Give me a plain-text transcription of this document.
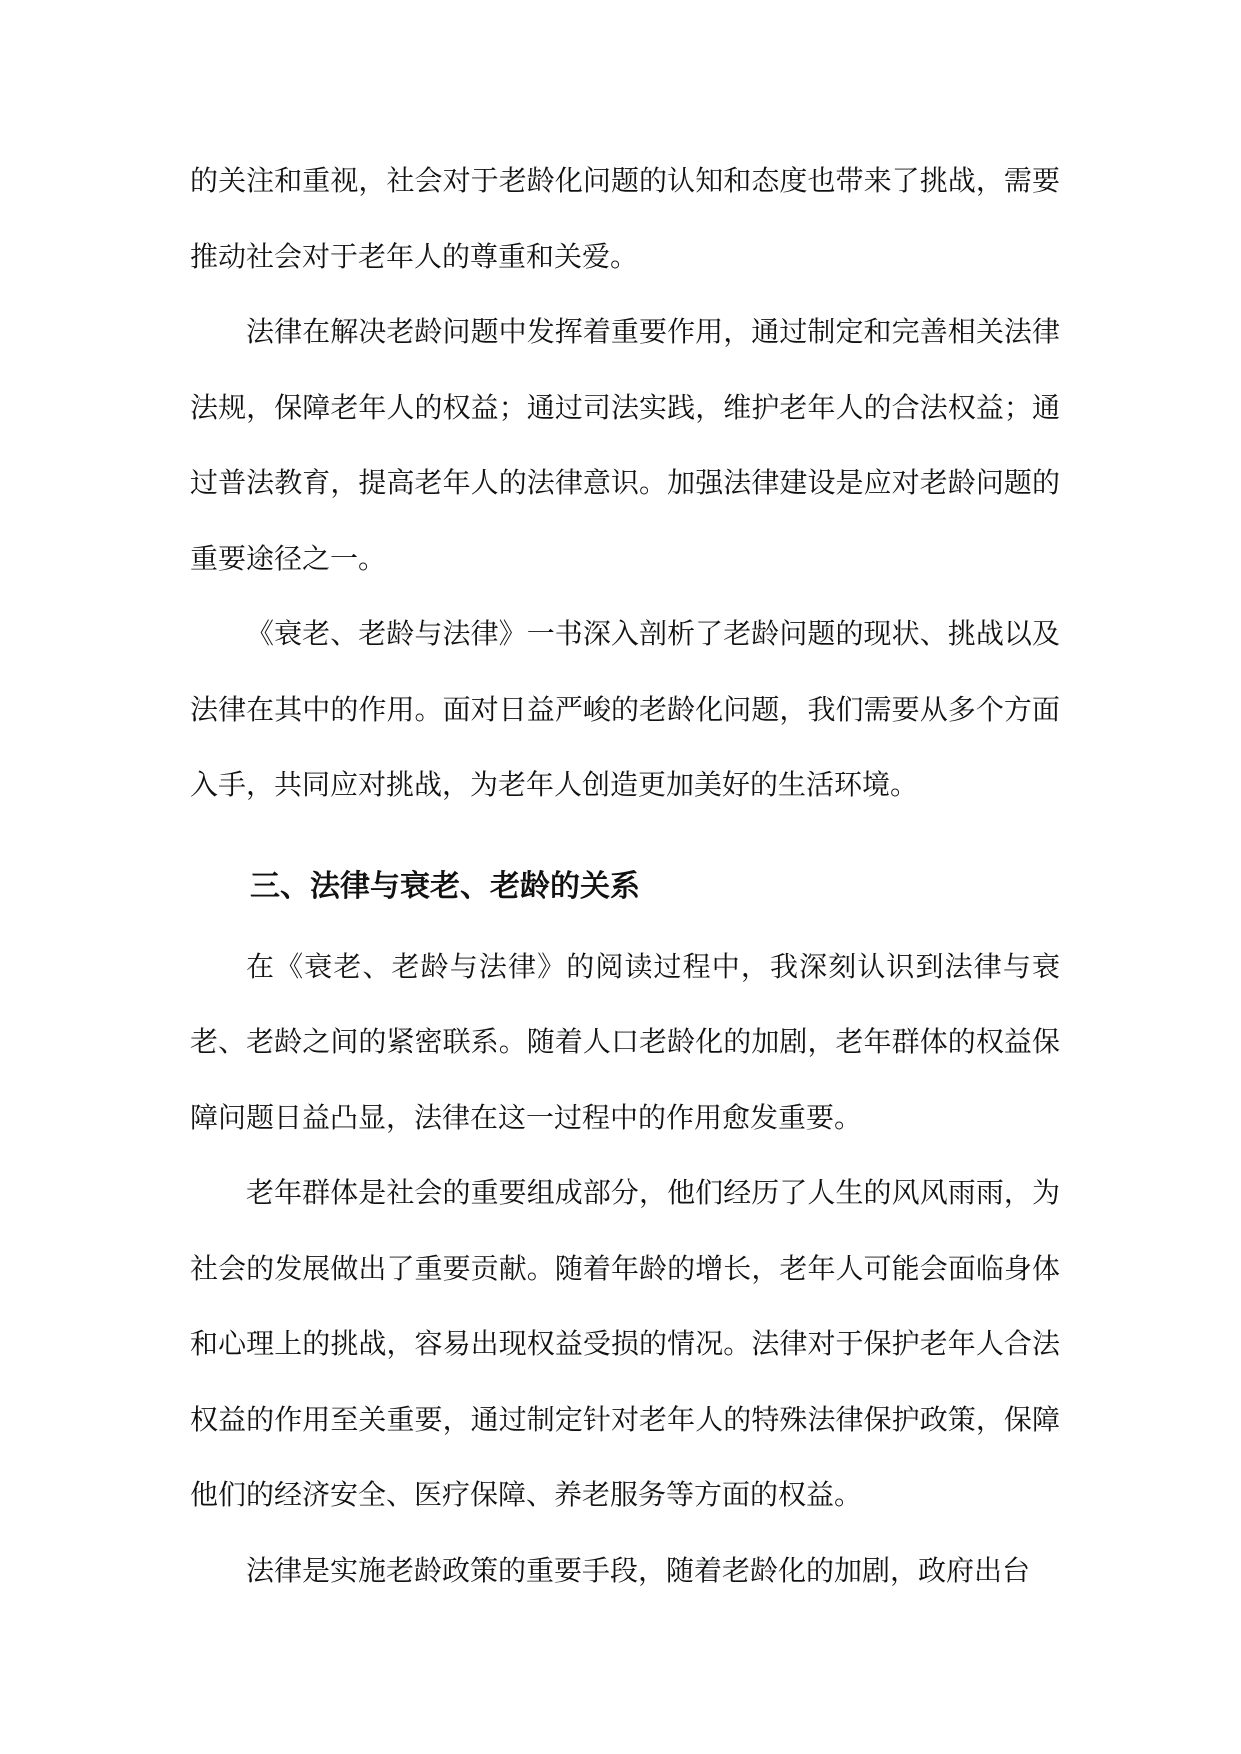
的关注和重视，社会对于老龄化问题的认知和态度也带来了挑战，需要推动社会对于老年人的尊重和关爱。

法律在解决老龄问题中发挥着重要作用，通过制定和完善相关法律法规，保障老年人的权益；通过司法实践，维护老年人的合法权益；通过普法教育，提高老年人的法律意识。加强法律建设是应对老龄问题的重要途径之一。

《衰老、老龄与法律》一书深入剖析了老龄问题的现状、挑战以及法律在其中的作用。面对日益严峻的老龄化问题，我们需要从多个方面入手，共同应对挑战，为老年人创造更加美好的生活环境。

三、法律与衰老、老龄的关系

在《衰老、老龄与法律》的阅读过程中，我深刻认识到法律与衰老、老龄之间的紧密联系。随着人口老龄化的加剧，老年群体的权益保障问题日益凸显，法律在这一过程中的作用愈发重要。

老年群体是社会的重要组成部分，他们经历了人生的风风雨雨，为社会的发展做出了重要贡献。随着年龄的增长，老年人可能会面临身体和心理上的挑战，容易出现权益受损的情况。法律对于保护老年人合法权益的作用至关重要，通过制定针对老年人的特殊法律保护政策，保障他们的经济安全、医疗保障、养老服务等方面的权益。

法律是实施老龄政策的重要手段，随着老龄化的加剧，政府出台
